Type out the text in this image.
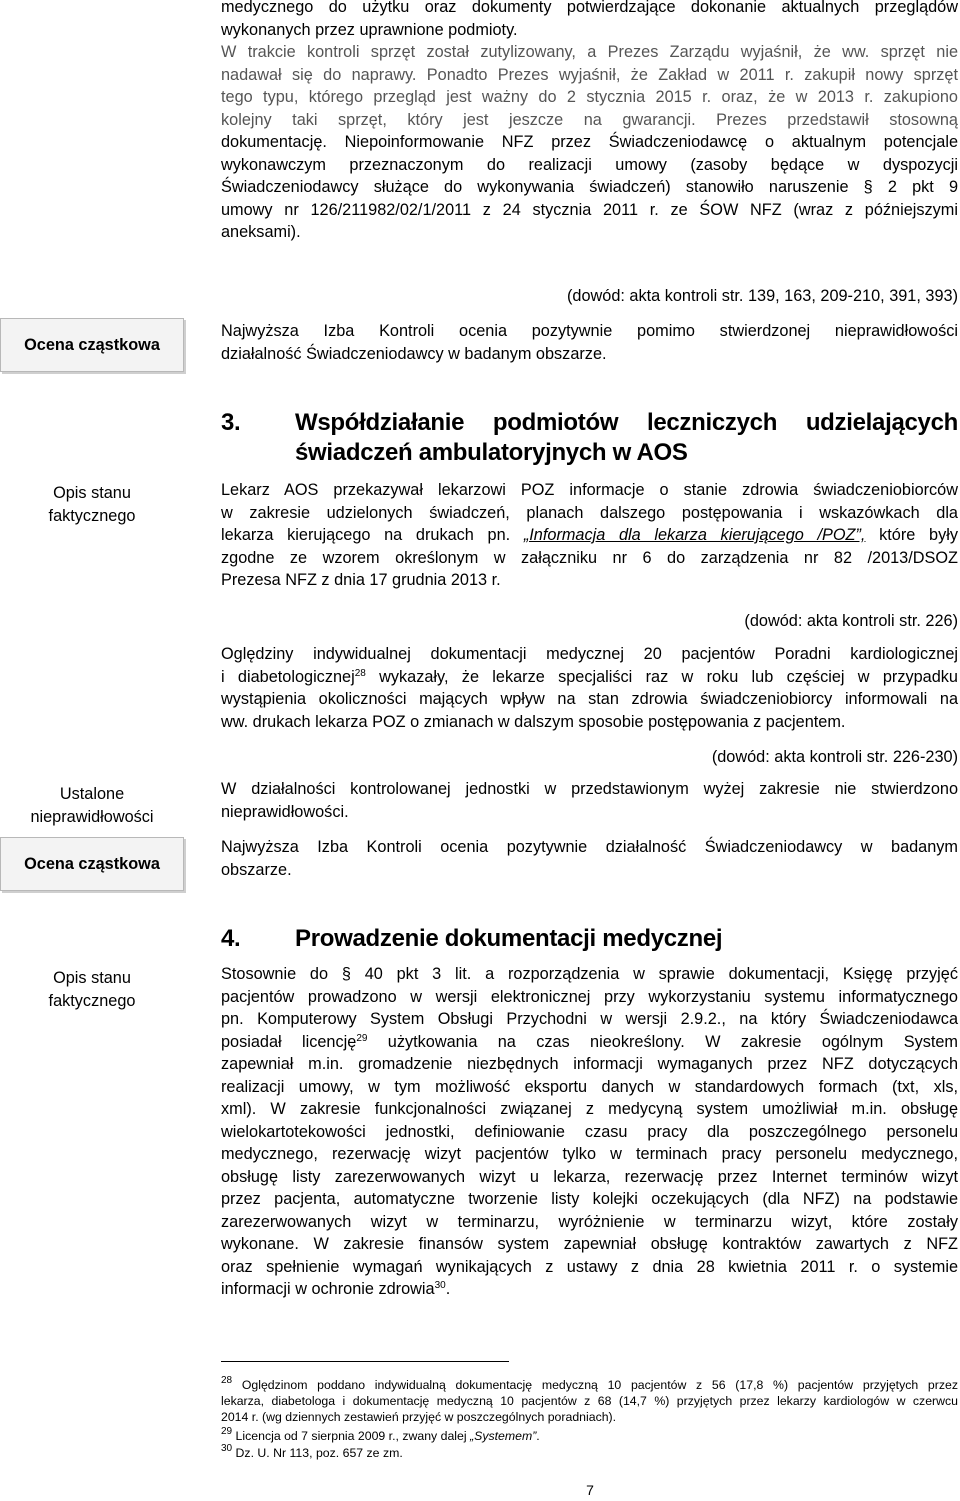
medycznego do użytku oraz dokumenty potwierdzające dokonanie aktualnych przeglądów
wykonanych przez uprawnione podmioty.
W trakcie kontroli sprzęt został zutylizowany, a Prezes Zarządu wyjaśnił, że ww. sprzęt nie
nadawał się do naprawy. Ponadto Prezes wyjaśnił, że Zakład w 2011 r. zakupił nowy sprzęt
tego typu, którego przegląd jest ważny do 2 stycznia 2015 r. oraz, że w 2013 r. zakupiono
kolejny taki sprzęt, który jest jeszcze na gwarancji. Prezes przedstawił stosowną
dokumentację. Niepoinformowanie NFZ przez Świadczeniodawcę o aktualnym potencjale
wykonawczym przeznaczonym do realizacji umowy (zasoby będące w dyspozycji
Świadczeniodawcy służące do wykonywania świadczeń) stanowiło naruszenie § 2 pkt 9
umowy nr 126/211982/02/1/2011 z 24 stycznia 2011 r. ze ŚOW NFZ (wraz z późniejszymi
aneksami).
(dowód: akta kontroli str. 139, 163, 209-210, 391, 393)
Ocena cząstkowa
Najwyższa Izba Kontroli ocenia pozytywnie pomimo stwierdzonej nieprawidłowości
działalność Świadczeniodawcy w badanym obszarze.
3. Współdziałanie podmiotów leczniczych udzielających
świadczeń ambulatoryjnych w AOS
Opis stanu
faktycznego
Lekarz AOS przekazywał lekarzowi POZ informacje o stanie zdrowia świadczeniobiorców
w zakresie udzielonych świadczeń, planach dalszego postępowania i wskazówkach dla
lekarza kierującego na drukach pn. „Informacja dla lekarza kierującego /POZ”, które były
zgodne ze wzorem określonym w załączniku nr 6 do zarządzenia nr 82 /2013/DSOZ
Prezesa NFZ z dnia 17 grudnia 2013 r.
(dowód: akta kontroli str. 226)
Oględziny indywidualnej dokumentacji medycznej 20 pacjentów Poradni kardiologicznej
i diabetologicznej$^{28}$ wykazały, że lekarze specjaliści raz w roku lub częściej w przypadku
wystąpienia okoliczności mających wpływ na stan zdrowia świadczeniobiorcy informowali na
ww. drukach lekarza POZ o zmianach w dalszym sposobie postępowania z pacjentem.
(dowód: akta kontroli str. 226-230)
Ustalone
nieprawidłowości
W działalności kontrolowanej jednostki w przedstawionym wyżej zakresie nie stwierdzono
nieprawidłowości.
Ocena cząstkowa
Najwyższa Izba Kontroli ocenia pozytywnie działalność Świadczeniodawcy w badanym
obszarze.
4. Prowadzenie dokumentacji medycznej
Opis stanu
faktycznego
Stosownie do § 40 pkt 3 lit. a rozporządzenia w sprawie dokumentacji, Księgę przyjęć
pacjentów prowadzono w wersji elektronicznej przy wykorzystaniu systemu informatycznego
pn. Komputerowy System Obsługi Przychodni w wersji 2.9.2., na który Świadczeniodawca
posiadał licencję$^{29}$ użytkowania na czas nieokreślony. W zakresie ogólnym System
zapewniał m.in. gromadzenie niezbędnych informacji wymaganych przez NFZ dotyczących
realizacji umowy, w tym możliwość eksportu danych w standardowych formach (txt, xls,
xml). W zakresie funkcjonalności związanej z medycyną system umożliwiał m.in. obsługę
wielokartotekowości jednostki, definiowanie czasu pracy dla poszczególnego personelu
medycznego, rezerwację wizyt pacjentów tylko w terminach pracy personelu medycznego,
obsługę listy zarezerwowanych wizyt u lekarza, rezerwację przez Internet terminów wizyt
przez pacjenta, automatyczne tworzenie listy kolejki oczekujących (dla NFZ) na podstawie
zarezerwowanych wizyt w terminarzu, wyróżnienie w terminarzu wizyt, które zostały
wykonane. W zakresie finansów system zapewniał obsługę kontraktów zawartych z NFZ
oraz spełnienie wymagań wynikających z ustawy z dnia 28 kwietnia 2011 r. o systemie
informacji w ochronie zdrowia$^{30}$.
$^{28}$ Oględzinom poddano indywidualną dokumentację medyczną 10 pacjentów z 56 (17,8 %) pacjentów przyjętych przez
lekarza, diabetologa i dokumentację medyczną 10 pacjentów z 68 (14,7 %) przyjętych przez lekarzy kardiologów w czerwcu
2014 r. (wg dziennych zestawień przyjęć w poszczególnych poradniach).
$^{29}$ Licencja od 7 sierpnia 2009 r., zwany dalej „Systemem”.
$^{30}$ Dz. U. Nr 113, poz. 657 ze zm.
7
